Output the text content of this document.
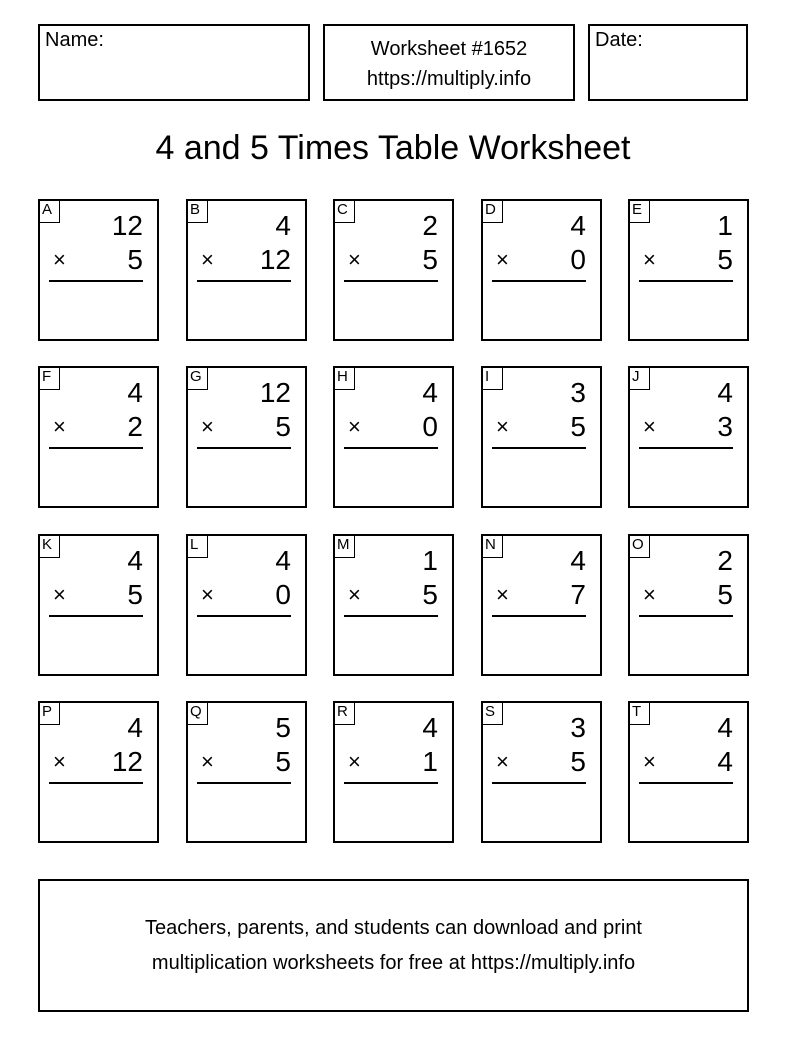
Name:	Worksheet #1652
https://multiply.info
Date:
4 and 5 Times Table Worksheet
A
12
× 5
B
4
× 12
C
2
× 5
D
4
× 0
E
1
× 5
F
4
× 2
G
12
× 5
H
4
× 0
I
3
× 5
J
4
× 3
K
4
× 5
L
4
× 0
M
1
× 5
N
4
× 7
O
2
× 5
P
4
× 12
Q
5
× 5
R
4
× 1
S
3
× 5
T
4
× 4
Teachers, parents, and students can download and print
multiplication worksheets for free at https://multiply.info
